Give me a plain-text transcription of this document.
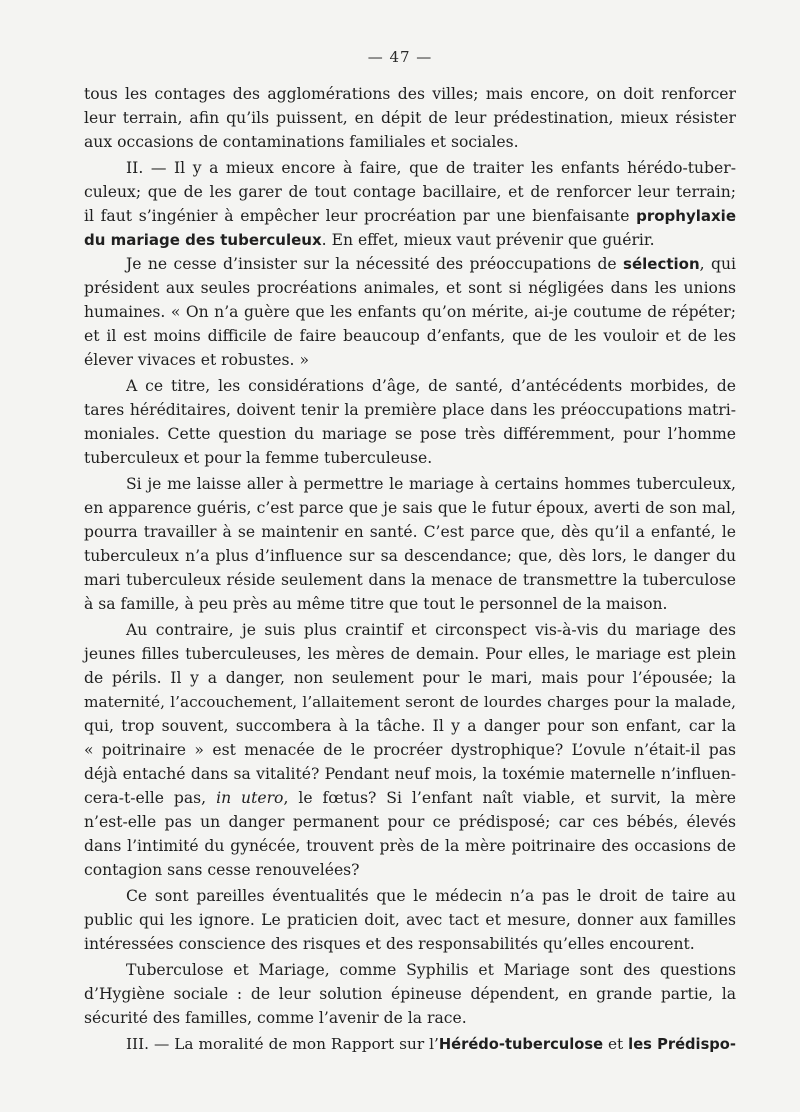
— 47 —
tous les contages des agglomérations des villes; mais encore, on doit renforcer
leur terrain, afin qu’ils puissent, en dépit de leur prédestination, mieux résister
aux occasions de contaminations familiales et sociales.
II. — Il y a mieux encore à faire, que de traiter les enfants hérédo-tuber-
culeux; que de les garer de tout contage bacillaire, et de renforcer leur terrain;
il faut s’ingénier à empêcher leur procréation par une bienfaisante prophylaxie
du mariage des tuberculeux. En effet, mieux vaut prévenir que guérir.
Je ne cesse d’insister sur la nécessité des préoccupations de sélection, qui
président aux seules procréations animales, et sont si négligées dans les unions
humaines. « On n’a guère que les enfants qu’on mérite, ai-je coutume de répéter;
et il est moins difficile de faire beaucoup d’enfants, que de les vouloir et de les
élever vivaces et robustes. »
A ce titre, les considérations d’âge, de santé, d’antécédents morbides, de
tares héréditaires, doivent tenir la première place dans les préoccupations matri-
moniales. Cette question du mariage se pose très différemment, pour l’homme
tuberculeux et pour la femme tuberculeuse.
Si je me laisse aller à permettre le mariage à certains hommes tuberculeux,
en apparence guéris, c’est parce que je sais que le futur époux, averti de son mal,
pourra travailler à se maintenir en santé. C’est parce que, dès qu’il a enfanté, le
tuberculeux n’a plus d’influence sur sa descendance; que, dès lors, le danger du
mari tuberculeux réside seulement dans la menace de transmettre la tuberculose
à sa famille, à peu près au même titre que tout le personnel de la maison.
Au contraire, je suis plus craintif et circonspect vis-à-vis du mariage des
jeunes filles tuberculeuses, les mères de demain. Pour elles, le mariage est plein
de périls. Il y a danger, non seulement pour le mari, mais pour l’épousée; la
maternité, l’accouchement, l’allaitement seront de lourdes charges pour la malade,
qui, trop souvent, succombera à la tâche. Il y a danger pour son enfant, car la
« poitrinaire » est menacée de le procréer dystrophique? L’ovule n’était-il pas
déjà entaché dans sa vitalité? Pendant neuf mois, la toxémie maternelle n’influen-
cera-t-elle pas, in utero, le fœtus? Si l’enfant naît viable, et survit, la mère
n’est-elle pas un danger permanent pour ce prédisposé; car ces bébés, élevés
dans l’intimité du gynécée, trouvent près de la mère poitrinaire des occasions de
contagion sans cesse renouvelées?
Ce sont pareilles éventualités que le médecin n’a pas le droit de taire au
public qui les ignore. Le praticien doit, avec tact et mesure, donner aux familles
intéressées conscience des risques et des responsabilités qu’elles encourent.
Tuberculose et Mariage, comme Syphilis et Mariage sont des questions
d’Hygiène sociale : de leur solution épineuse dépendent, en grande partie, la
sécurité des familles, comme l’avenir de la race.
III. — La moralité de mon Rapport sur l’Hérédo-tuberculose et les Prédispo-
